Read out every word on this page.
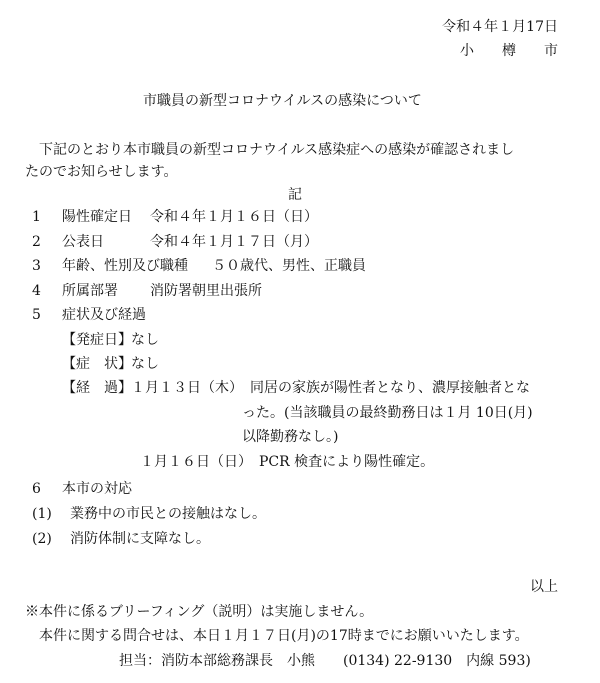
令和４年１月17日
小　　樽　　市
市職員の新型コロナウイルスの感染について
　下記のとおり本市職員の新型コロナウイルス感染症への感染が確認されまし
たのでお知らせします。
記
1 陽性確定日 令和４年１月１６日（日）
2 公表日	令和４年１月１７日（月）
3 年齢、性別及び職種 ５０歳代、男性、正職員
4 所属部署 消防署朝里出張所
5 症状及び経過
【発症日】 なし
【症　状】 なし
【経　過】 １月１３日（木）　同居の家族が陽性者となり、濃厚接触者とな
った。(当該職員の最終勤務日は１月 10日(月)
以降勤務なし。)
１月１６日（日）　PCR 検査により陽性確定。
6 本市の対応
(1) 業務中の市民との接触はなし。
(2) 消防体制に支障なし。
以上
※本件に係るブリーフィング（説明）は実施しません。
　本件に関する問合せは、本日１月１７日(月)の17時までにお願いいたします。
担当：消防本部総務課長　小熊　　(0134) 22-9130　内線 593)
